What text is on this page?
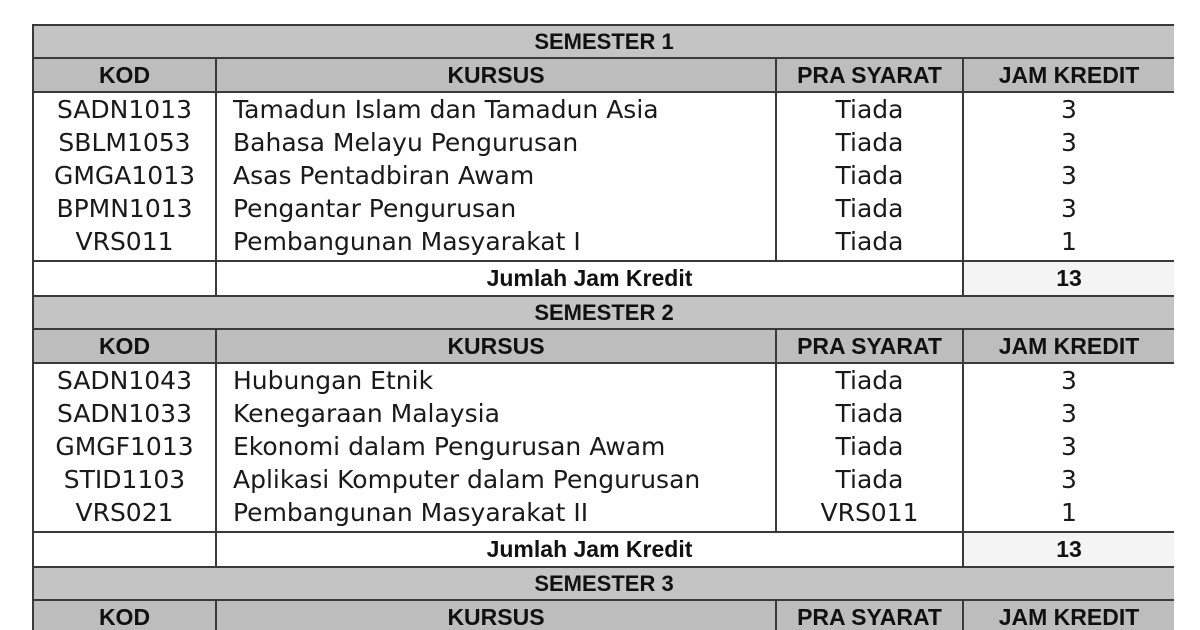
SEMESTER 1			
KOD	KURSUS	PRA SYARAT	JAM KREDIT
SADN1013	Tamadun Islam dan Tamadun Asia	Tiada	3
SBLM1053	Bahasa Melayu Pengurusan	Tiada	3
GMGA1013	Asas Pentadbiran Awam	Tiada	3
BPMN1013	Pengantar Pengurusan	Tiada	3
VRS011	Pembangunan Masyarakat I	Tiada	1
	Jumlah Jam Kredit		13
SEMESTER 2			
KOD	KURSUS	PRA SYARAT	JAM KREDIT
SADN1043	Hubungan Etnik	Tiada	3
SADN1033	Kenegaraan Malaysia	Tiada	3
GMGF1013	Ekonomi dalam Pengurusan Awam	Tiada	3
STID1103	Aplikasi Komputer dalam Pengurusan	Tiada	3
VRS021	Pembangunan Masyarakat II	VRS011	1
	Jumlah Jam Kredit		13
SEMESTER 3			
KOD	KURSUS	PRA SYARAT	JAM KREDIT
